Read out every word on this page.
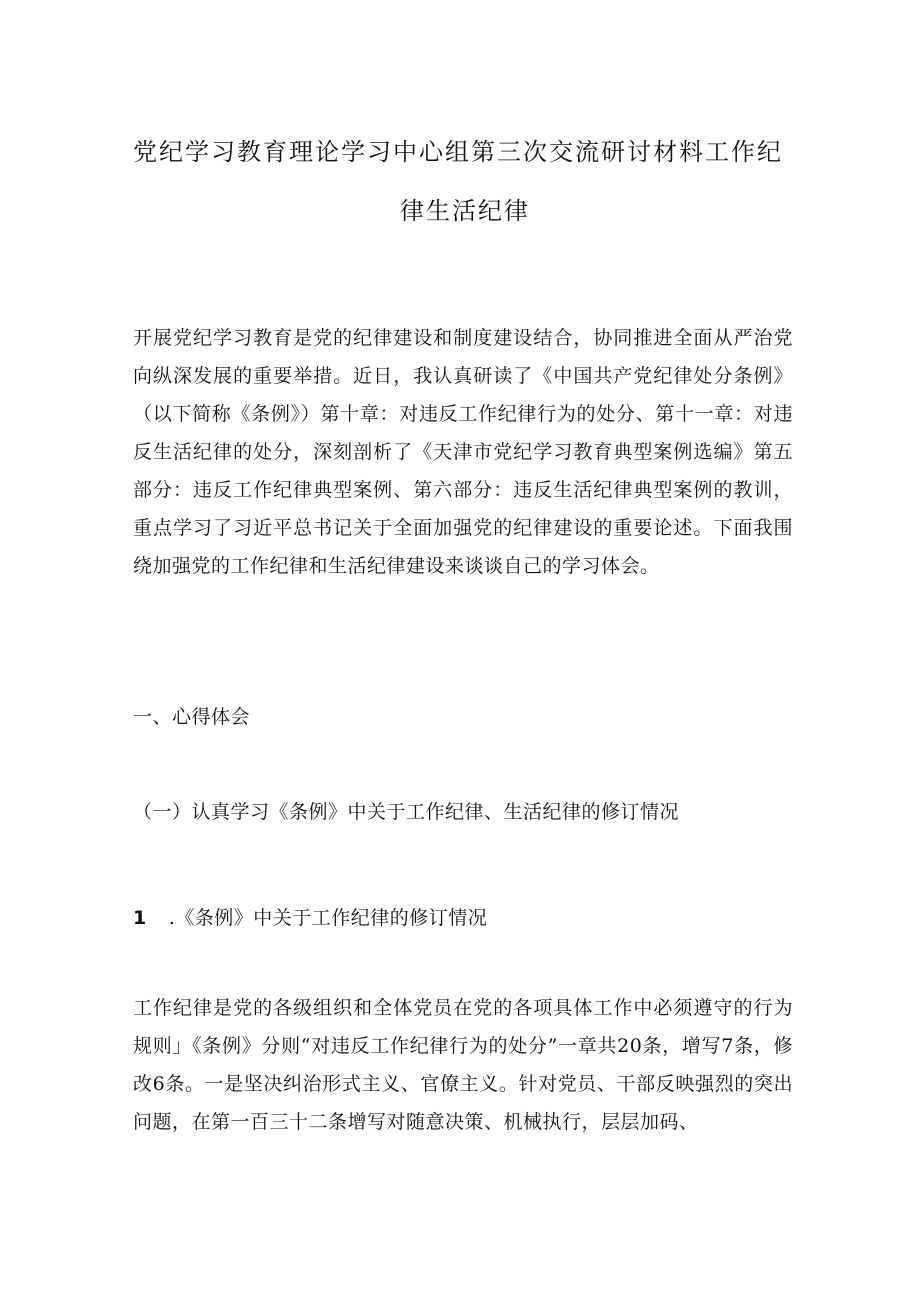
党纪学习教育理论学习中心组第三次交流研讨材料工作纪
律生活纪律

开展党纪学习教育是党的纪律建设和制度建设结合，协同推进全面从严治党向纵深发展的重要举措。近日，我认真研读了《中国共产党纪律处分条例》（以下简称《条例》）第十章：对违反工作纪律行为的处分、第十一章：对违反生活纪律的处分，深刻剖析了《天津市党纪学习教育典型案例选编》第五部分：违反工作纪律典型案例、第六部分：违反生活纪律典型案例的教训，重点学习了习近平总书记关于全面加强党的纪律建设的重要论述。下面我围绕加强党的工作纪律和生活纪律建设来谈谈自己的学习体会。

一、心得体会
（一）认真学习《条例》中关于工作纪律、生活纪律的修订情况
1 .《条例》中关于工作纪律的修订情况

工作纪律是党的各级组织和全体党员在党的各项具体工作中必须遵守的行为规则」《条例》分则“对违反工作纪律行为的处分”一章共20条，增写7条，修改6条。一是坚决纠治形式主义、官僚主义。针对党员、干部反映强烈的突出问题，在第一百三十二条增写对随意决策、机械执行，层层加码、
